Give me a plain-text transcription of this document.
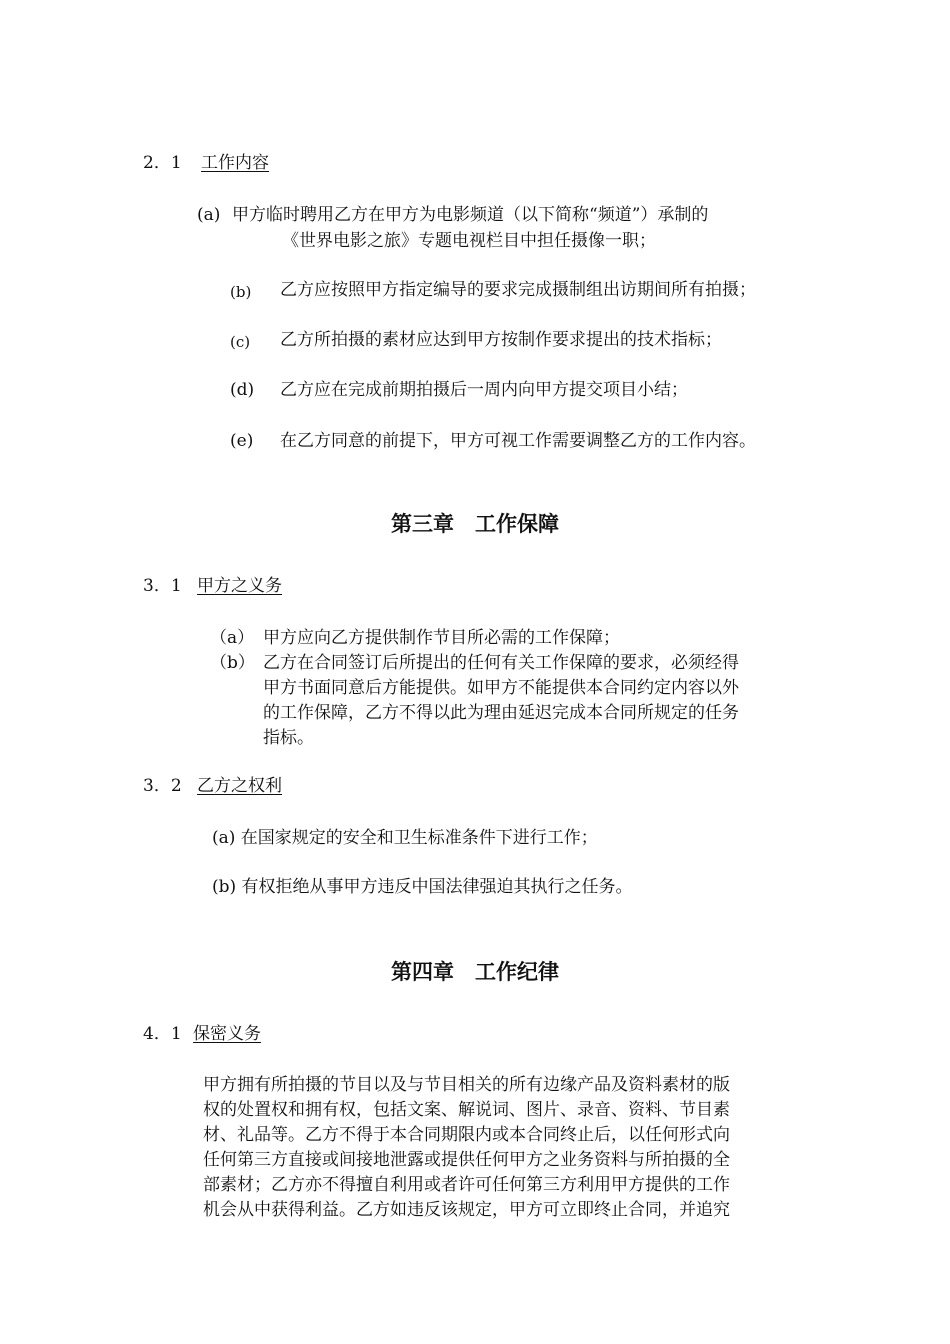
2．1 工作内容
(a) 甲方临时聘用乙方在甲方为电影频道（以下简称“频道”）承制的
《世界电影之旅》专题电视栏目中担任摄像一职；
(b) 乙方应按照甲方指定编导的要求完成摄制组出访期间所有拍摄；
(c) 乙方所拍摄的素材应达到甲方按制作要求提出的技术指标；
(d) 乙方应在完成前期拍摄后一周内向甲方提交项目小结；
(e) 在乙方同意的前提下，甲方可视工作需要调整乙方的工作内容。
第三章　工作保障
3．1 甲方之义务
（a） 甲方应向乙方提供制作节目所必需的工作保障；
（b） 乙方在合同签订后所提出的任何有关工作保障的要求，必须经得
甲方书面同意后方能提供。如甲方不能提供本合同约定内容以外
的工作保障，乙方不得以此为理由延迟完成本合同所规定的任务
指标。
3．2 乙方之权利
(a) 在国家规定的安全和卫生标准条件下进行工作；
(b) 有权拒绝从事甲方违反中国法律强迫其执行之任务。
第四章　工作纪律
4．1 保密义务
甲方拥有所拍摄的节目以及与节目相关的所有边缘产品及资料素材的版
权的处置权和拥有权，包括文案、解说词、图片、录音、资料、节目素
材、礼品等。乙方不得于本合同期限内或本合同终止后，以任何形式向
任何第三方直接或间接地泄露或提供任何甲方之业务资料与所拍摄的全
部素材；乙方亦不得擅自利用或者许可任何第三方利用甲方提供的工作
机会从中获得利益。乙方如违反该规定，甲方可立即终止合同，并追究
